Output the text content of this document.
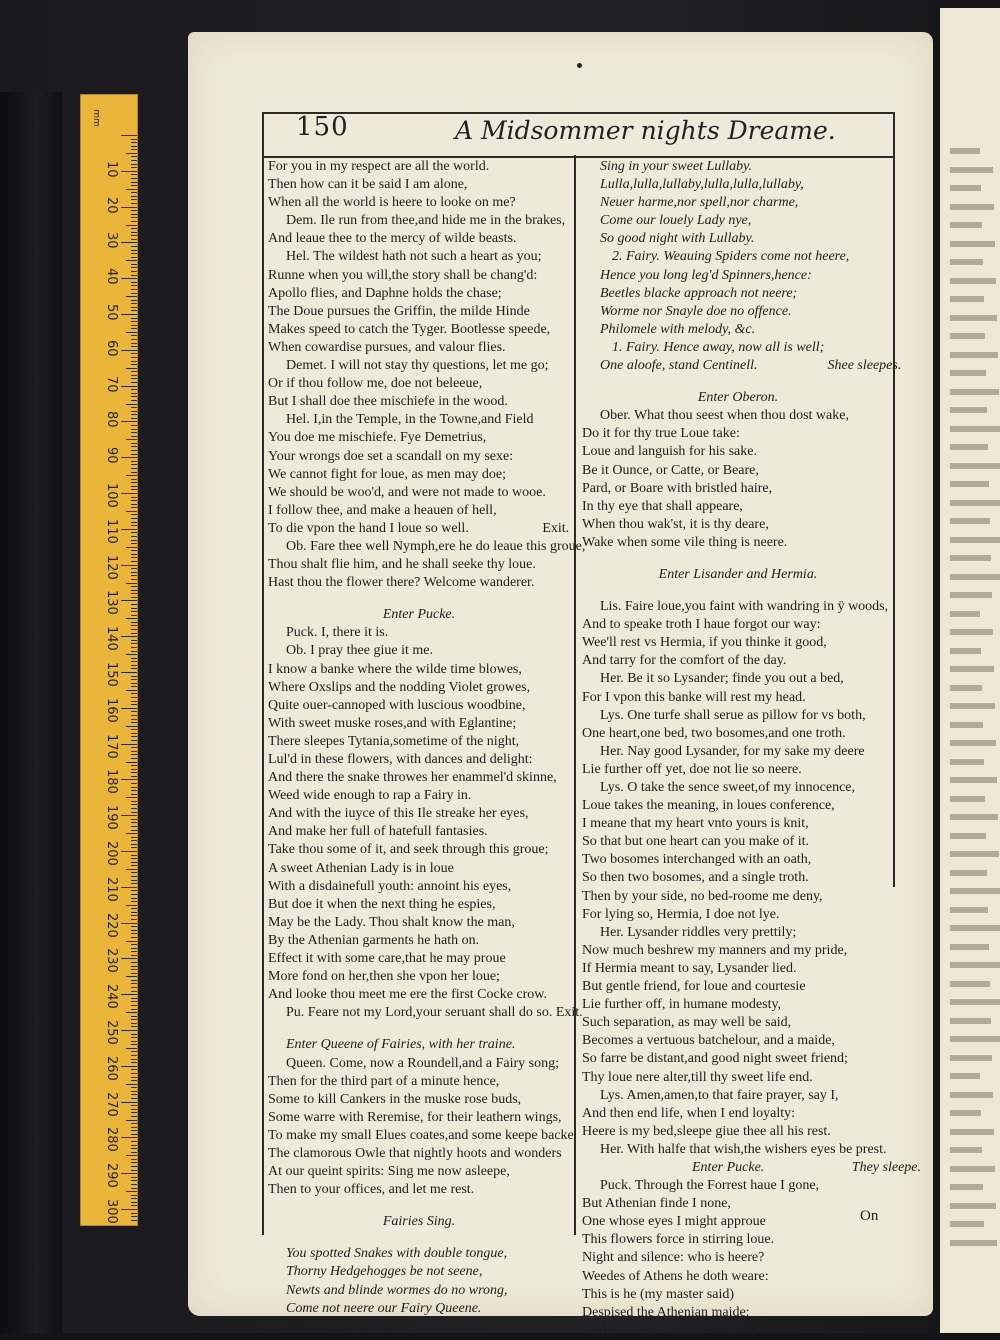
mm
10
20
30
40
50
60
70
80
90
100
110
120
130
140
150
160
170
180
190
200
210
220
230
240
250
260
270
280
290
300
150	A Midsommer nights Dreame.
For you in my respect are all the world.
Then how can it be said I am alone,
When all the world is heere to looke on me?
Dem. Ile run from thee,and hide me in the brakes,
And leaue thee to the mercy of wilde beasts.
Hel. The wildest hath not such a heart as you;
Runne when you will,the story shall be chang'd:
Apollo flies, and Daphne holds the chase;
The Doue pursues the Griffin, the milde Hinde
Makes speed to catch the Tyger. Bootlesse speede,
When cowardise pursues, and valour flies.
Demet. I will not stay thy questions, let me go;
Or if thou follow me, doe not beleeue,
But I shall doe thee mischiefe in the wood.
Hel. I,in the Temple, in the Towne,and Field
You doe me mischiefe. Fye Demetrius,
Your wrongs doe set a scandall on my sexe:
We cannot fight for loue, as men may doe;
We should be woo'd, and were not made to wooe.
I follow thee, and make a heauen of hell,
To die vpon the hand I loue so well.                     Exit.
Ob. Fare thee well Nymph,ere he do leaue this groue,
Thou shalt flie him, and he shall seeke thy loue.
Hast thou the flower there? Welcome wanderer.
Enter Pucke.
Puck. I, there it is.
Ob. I pray thee giue it me.
I know a banke where the wilde time blowes,
Where Oxslips and the nodding Violet growes,
Quite ouer-cannoped with luscious woodbine,
With sweet muske roses,and with Eglantine;
There sleepes Tytania,sometime of the night,
Lul'd in these flowers, with dances and delight:
And there the snake throwes her enammel'd skinne,
Weed wide enough to rap a Fairy in.
And with the iuyce of this Ile streake her eyes,
And make her full of hatefull fantasies.
Take thou some of it, and seek through this groue;
A sweet Athenian Lady is in loue
With a disdainefull youth: annoint his eyes,
But doe it when the next thing he espies,
May be the Lady. Thou shalt know the man,
By the Athenian garments he hath on.
Effect it with some care,that he may proue
More fond on her,then she vpon her loue;
And looke thou meet me ere the first Cocke crow.
Pu. Feare not my Lord,your seruant shall do so. Exit.
Enter Queene of Fairies, with her traine.
Queen. Come, now a Roundell,and a Fairy song;
Then for the third part of a minute hence,
Some to kill Cankers in the muske rose buds,
Some warre with Reremise, for their leathern wings,
To make my small Elues coates,and some keepe backe
The clamorous Owle that nightly hoots and wonders
At our queint spirits: Sing me now asleepe,
Then to your offices, and let me rest.
Fairies Sing.
You spotted Snakes with double tongue,
Thorny Hedgehogges be not seene,
Newts and blinde wormes do no wrong,
Come not neere our Fairy Queene.
Philomele with melodie,
Sing in your sweet Lullaby.
Lulla,lulla,lullaby,lulla,lulla,lullaby,
Neuer harme,nor spell,nor charme,
Come our louely Lady nye,
So good night with Lullaby.
2. Fairy. Weauing Spiders come not heere,
Hence you long leg'd Spinners,hence:
Beetles blacke approach not neere;
Worme nor Snayle doe no offence.
Philomele with melody, &c.
1. Fairy. Hence away, now all is well;
One aloofe, stand Centinell.                    Shee sleepes.
Enter Oberon.
Ober. What thou seest when thou dost wake,
Do it for thy true Loue take:
Loue and languish for his sake.
Be it Ounce, or Catte, or Beare,
Pard, or Boare with bristled haire,
In thy eye that shall appeare,
When thou wak'st, it is thy deare,
Wake when some vile thing is neere.
Enter Lisander and Hermia.
Lis. Faire loue,you faint with wandring in ÿ woods,
And to speake troth I haue forgot our way:
Wee'll rest vs Hermia, if you thinke it good,
And tarry for the comfort of the day.
Her. Be it so Lysander; finde you out a bed,
For I vpon this banke will rest my head.
Lys. One turfe shall serue as pillow for vs both,
One heart,one bed, two bosomes,and one troth.
Her. Nay good Lysander, for my sake my deere
Lie further off yet, doe not lie so neere.
Lys. O take the sence sweet,of my innocence,
Loue takes the meaning, in loues conference,
I meane that my heart vnto yours is knit,
So that but one heart can you make of it.
Two bosomes interchanged with an oath,
So then two bosomes, and a single troth.
Then by your side, no bed-roome me deny,
For lying so, Hermia, I doe not lye.
Her. Lysander riddles very prettily;
Now much beshrew my manners and my pride,
If Hermia meant to say, Lysander lied.
But gentle friend, for loue and courtesie
Lie further off, in humane modesty,
Such separation, as may well be said,
Becomes a vertuous batchelour, and a maide,
So farre be distant,and good night sweet friend;
Thy loue nere alter,till thy sweet life end.
Lys. Amen,amen,to that faire prayer, say I,
And then end life, when I end loyalty:
Heere is my bed,sleepe giue thee all his rest.
Her. With halfe that wish,the wishers eyes be prest.
Enter Pucke.                         They sleepe.
Puck. Through the Forrest haue I gone,
But Athenian finde I none,
One whose eyes I might approue
This flowers force in stirring loue.
Night and silence: who is heere?
Weedes of Athens he doth weare:
This is he (my master said)
Despised the Athenian maide:
And heere the maiden sleeping sound,
On
